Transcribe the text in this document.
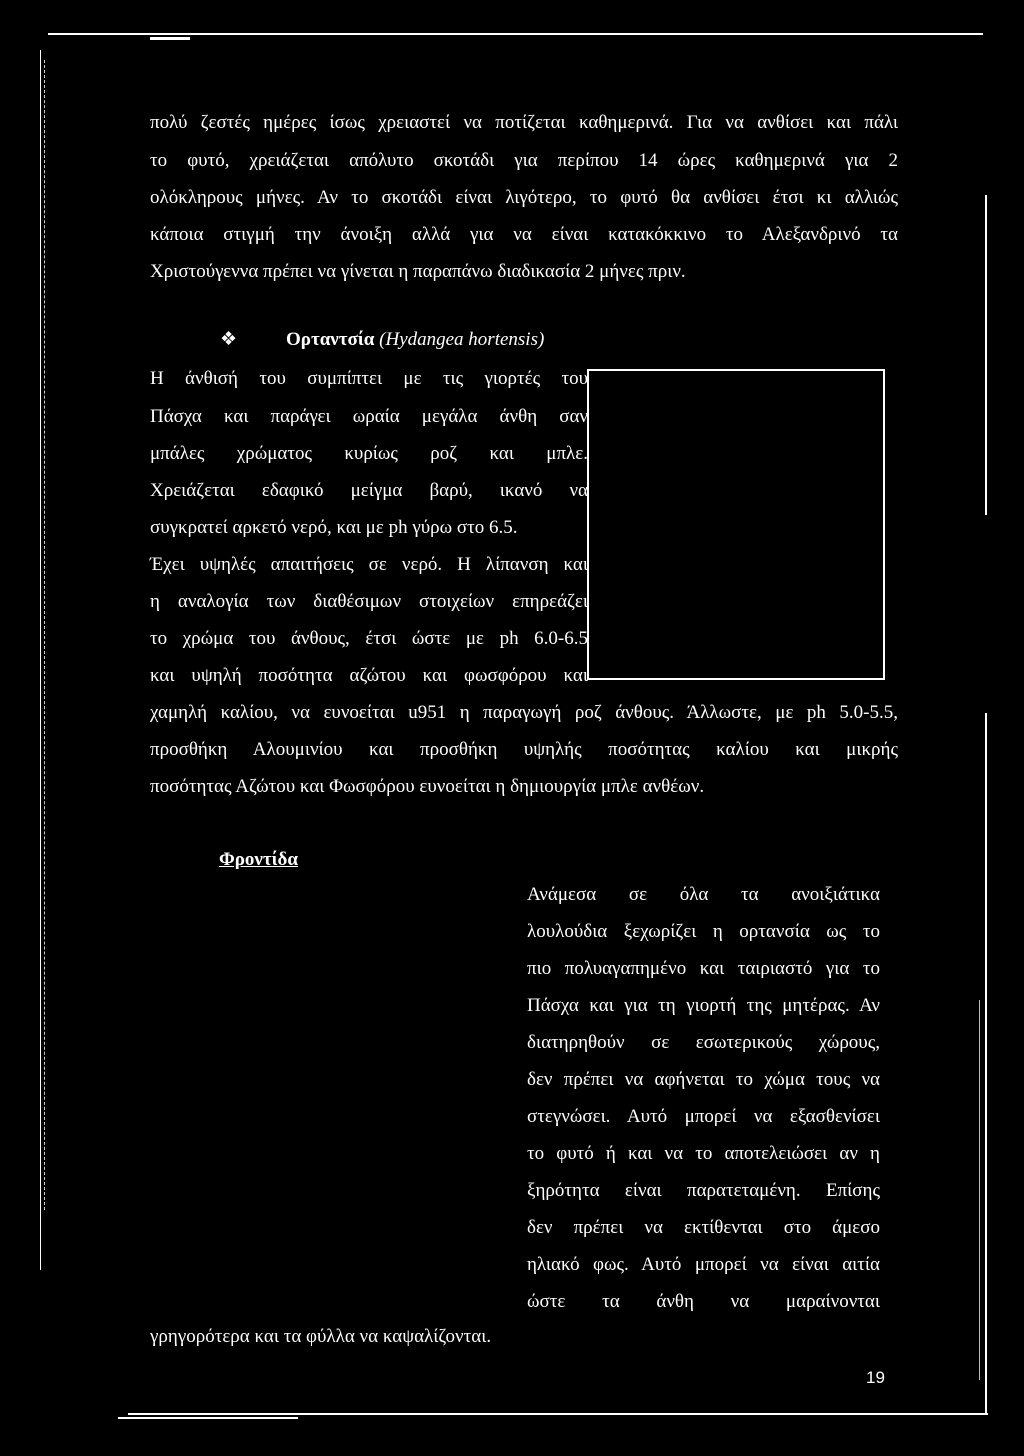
πολύ ζεστές ημέρες ίσως χρειαστεί να ποτίζεται καθημερινά. Για να ανθίσει και πάλι
το φυτό, χρειάζεται απόλυτο σκοτάδι για περίπου 14 ώρες καθημερινά για 2
ολόκληρους μήνες. Αν το σκοτάδι είναι λιγότερο, το φυτό θα ανθίσει έτσι κι αλλιώς
κάποια στιγμή την άνοιξη αλλά για να είναι κατακόκκινο το Αλεξανδρινό τα
Χριστούγεννα πρέπει να γίνεται η παραπάνω διαδικασία 2 μήνες πριν.
❖	Ορταντσία (Hydangea hortensis)
Η άνθισή του συμπίπτει με τις γιορτές του
Πάσχα και παράγει ωραία μεγάλα άνθη σαν
μπάλες χρώματος κυρίως ροζ και μπλε.
Χρειάζεται εδαφικό μείγμα βαρύ, ικανό να
συγκρατεί αρκετό νερό, και με ph γύρω στο 6.5.
Έχει υψηλές απαιτήσεις σε νερό. Η λίπανση και
η αναλογία των διαθέσιμων στοιχείων επηρεάζει
το χρώμα του άνθους, έτσι ώστε με ph 6.0-6.5
και υψηλή ποσότητα αζώτου και φωσφόρου και
χαμηλή καλίου, να ευνοείται u951 η παραγωγή ροζ άνθους. Άλλωστε, με ph 5.0-5.5,
προσθήκη Αλουμινίου και προσθήκη υψηλής ποσότητας καλίου και μικρής
ποσότητας Αζώτου και Φωσφόρου ευνοείται η δημιουργία μπλε ανθέων.
Φροντίδα
Ανάμεσα σε όλα τα ανοιξιάτικα
λουλούδια ξεχωρίζει η ορτανσία ως το
πιο πολυαγαπημένο και ταιριαστό για το
Πάσχα και για τη γιορτή της μητέρας. Αν
διατηρηθούν σε εσωτερικούς χώρους,
δεν πρέπει να αφήνεται το χώμα τους να
στεγνώσει. Αυτό μπορεί να εξασθενίσει
το φυτό ή και να το αποτελειώσει αν η
ξηρότητα είναι παρατεταμένη. Επίσης
δεν πρέπει να εκτίθενται στο άμεσο
ηλιακό φως. Αυτό μπορεί να είναι αιτία
ώστε τα άνθη να μαραίνονται
γρηγορότερα και τα φύλλα να καψαλίζονται.
19
